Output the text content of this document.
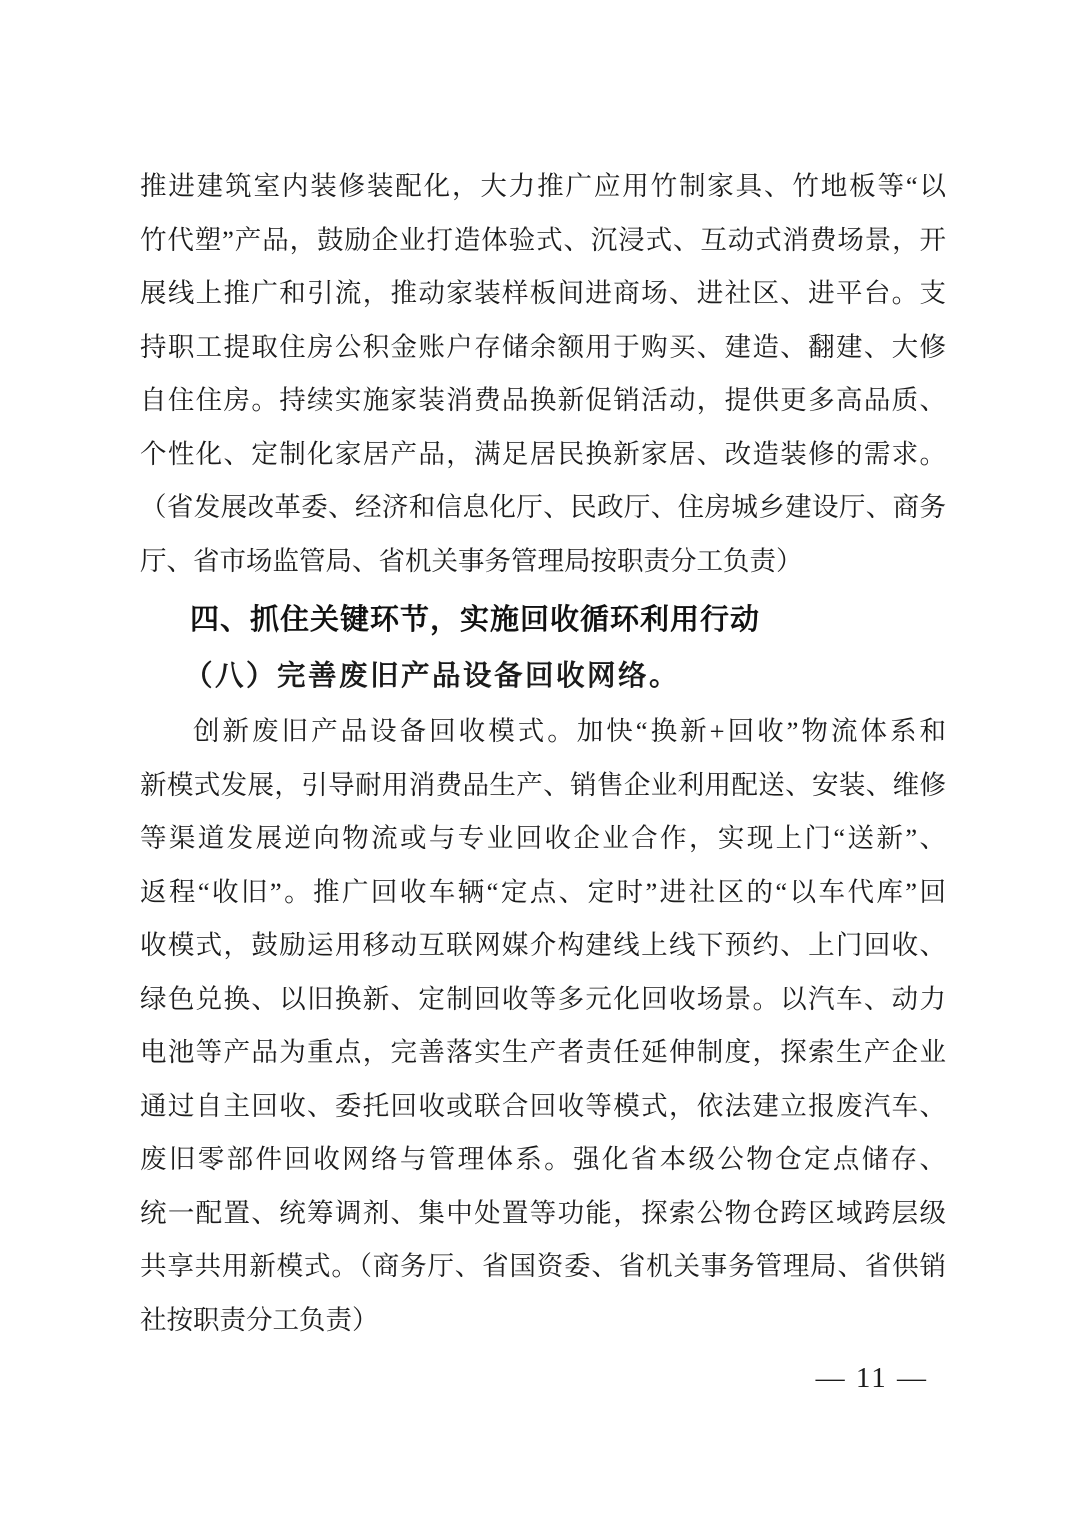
推进建筑室内装修装配化，大力推广应用竹制家具、竹地板等“以
竹代塑”产品，鼓励企业打造体验式、沉浸式、互动式消费场景，开
展线上推广和引流，推动家装样板间进商场、进社区、进平台。支
持职工提取住房公积金账户存储余额用于购买、建造、翻建、大修
自住住房。持续实施家装消费品换新促销活动，提供更多高品质、
个性化、定制化家居产品，满足居民换新家居、改造装修的需求。
（省发展改革委、经济和信息化厅、民政厅、住房城乡建设厅、商务
厅、省市场监管局、省机关事务管理局按职责分工负责）
四、抓住关键环节，实施回收循环利用行动
（八）完善废旧产品设备回收网络。
创新废旧产品设备回收模式。加快“换新+回收”物流体系和
新模式发展，引导耐用消费品生产、销售企业利用配送、安装、维修
等渠道发展逆向物流或与专业回收企业合作，实现上门“送新”、
返程“收旧”。推广回收车辆“定点、定时”进社区的“以车代库”回
收模式，鼓励运用移动互联网媒介构建线上线下预约、上门回收、
绿色兑换、以旧换新、定制回收等多元化回收场景。以汽车、动力
电池等产品为重点，完善落实生产者责任延伸制度，探索生产企业
通过自主回收、委托回收或联合回收等模式，依法建立报废汽车、
废旧零部件回收网络与管理体系。强化省本级公物仓定点储存、
统一配置、统筹调剂、集中处置等功能，探索公物仓跨区域跨层级
共享共用新模式。（商务厅、省国资委、省机关事务管理局、省供销
社按职责分工负责）
— 11 —
